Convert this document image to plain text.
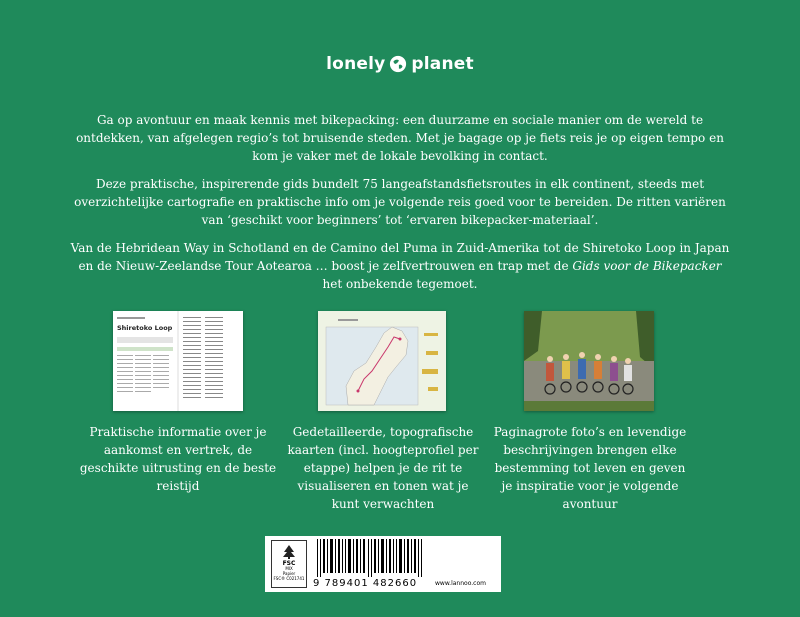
lonely planet

Ga op avontuur en maak kennis met bikepacking: een duurzame en sociale manier om de wereld te ontdekken, van afgelegen regio’s tot bruisende steden. Met je bagage op je fiets reis je op eigen tempo en kom je vaker met de lokale bevolking in contact.

Deze praktische, inspirerende gids bundelt 75 langeafstandsfietsroutes in elk continent, steeds met overzichtelijke cartografie en praktische info om je volgende reis goed voor te bereiden. De ritten variëren van ‘geschikt voor beginners’ tot ‘ervaren bikepacker-materiaal’.

Van de Hebridean Way in Schotland en de Camino del Puma in Zuid-Amerika tot de Shiretoko Loop in Japan en de Nieuw-Zeelandse Tour Aotearoa … boost je zelfvertrouwen en trap met de Gids voor de Bikepacker het onbekende tegemoet.

Shiretoko Loop
Praktische informatie over je aankomst en vertrek, de geschikte uitrusting en de beste reistijd
Gedetailleerde, topografische kaarten (incl. hoogteprofiel per etappe) helpen je de rit te visualiseren en tonen wat je kunt verwachten
Paginagrote foto’s en levendige beschrijvingen brengen elke bestemming tot leven en geven je inspiratie voor je volgende avontuur
FSC
MIX
Papier
FSC® C021741 9 789401 482660	www.lannoo.com
